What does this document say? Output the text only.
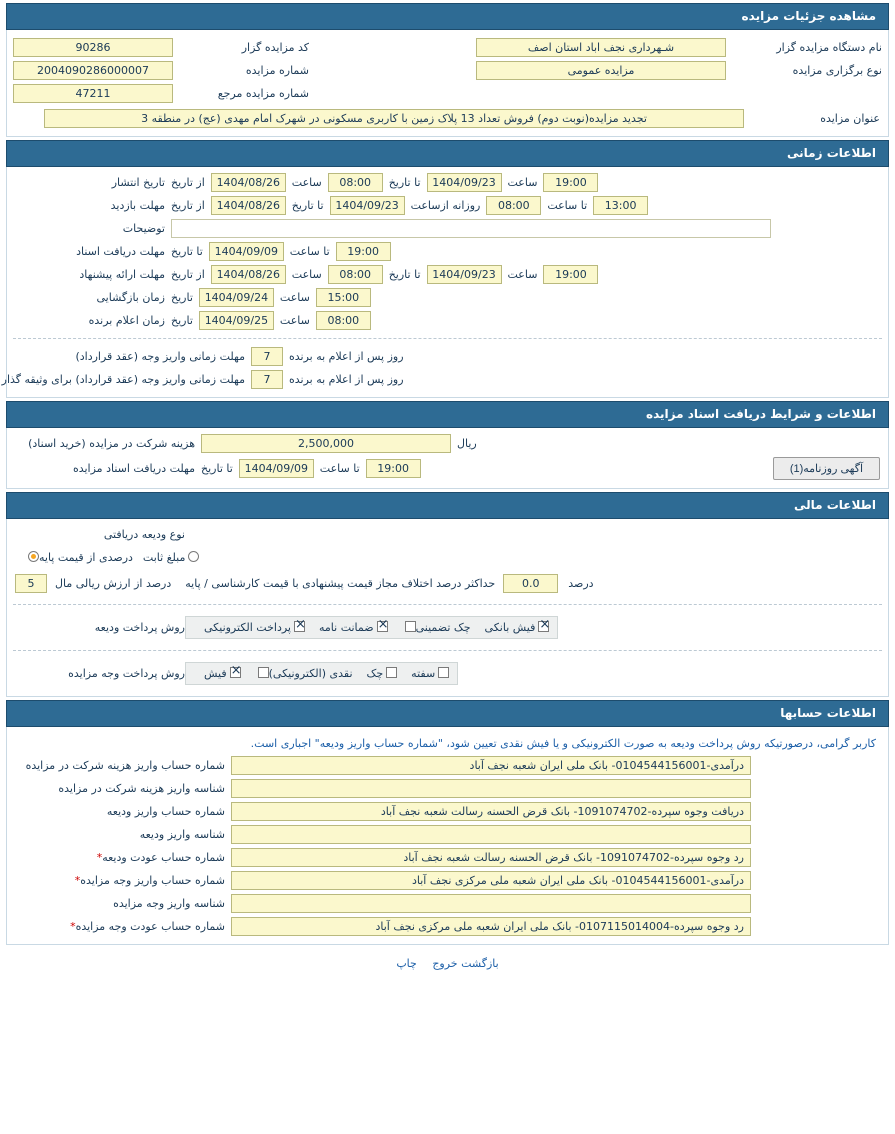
مشاهده جزئیات مزایده
نام دستگاه مزایده گزار
شـهرداری نجف اباد استان اصف
نوع برگزاری مزایده
مزایده عمومی
کد مزایده گزار
90286
شماره مزایده
2004090286000007
شماره مزایده مرجع
47211
عنوان مزایده
تجدید مزایده(نوبت دوم) فروش تعداد 13 پلاک زمین با کاربری مسکونی در شهرک امام مهدی (عج) در منطقه 3
اطلاعات زمانی
19:00
ساعت
1404/09/23
تا تاریخ
08:00
ساعت
1404/08/26
از تاریخ
تاریخ انتشار
13:00
تا ساعت
08:00
روزانه ازساعت
1404/09/23
تا تاریخ
1404/08/26
از تاریخ
مهلت بازدید
توضیحات
19:00
تا ساعت
1404/09/09
تا تاریخ
مهلت دریافت اسناد
19:00
ساعت
1404/09/23
تا تاریخ
08:00
ساعت
1404/08/26
از تاریخ
مهلت ارائه پیشنهاد
15:00
ساعت
1404/09/24
تاریخ
زمان بازگشایی
08:00
ساعت
1404/09/25
تاریخ
زمان اعلام برنده
روز پس از اعلام به برنده
7
مهلت زمانی واریز وجه (عقد قرارداد)
روز پس از اعلام به برنده
7
مهلت زمانی واریز وجه (عقد قرارداد) برای وثیقه گذار
اطلاعات و شرایط دریافت اسناد مزایده
ریال
2,500,000
هزینه شرکت در مزایده (خرید اسناد)
آگهی روزنامه(1)
19:00
تا ساعت
1404/09/09
تا تاریخ
مهلت دریافت اسناد مزایده
اطلاعات مالی
نوع ودیعه دریافتی
مبلغ ثابت
درصدی از قیمت پایه
درصد
0.0
حداکثر درصد اختلاف مجاز قیمت پیشنهادی با قیمت کارشناسی / پایه
درصد از ارزش ریالی مال
5
×فیش بانکی
چک تضمینی
×ضمانت نامه
×پرداخت الکترونیکی
روش پرداخت ودیعه
سفته
چک
نقدی (الکترونیکی)
×فیش
روش پرداخت وجه مزایده
اطلاعات حسابها
کاربر گرامی، درصورتیکه روش پرداخت ودیعه به صورت الکترونیکی و یا فیش نقدی تعیین شود، "شماره حساب واریز ودیعه" اجباری است.
درآمدی-0104544156001- بانک ملی ایران شعبه نجف آباد
شماره حساب واریز هزینه شرکت در مزایده
شناسه واریز هزینه شرکت در مزایده
دریافت وجوه سپرده-1091074702- بانک قرض الحسنه رسالت شعبه نجف آباد
شماره حساب واریز ودیعه
شناسه واریز ودیعه
رد وجوه سپرده-1091074702- بانک قرض الحسنه رسالت شعبه نجف آباد
شماره حساب عودت ودیعه*
درآمدی-0104544156001- بانک ملی ایران شعبه ملی مرکزی نجف آباد
شماره حساب واریز وجه مزایده*
شناسه واریز وجه مزایده
رد وجوه سپرده-0107115014004- بانک ملی ایران شعبه ملی مرکزی نجف آباد
شماره حساب عودت وجه مزایده*
بازگشت خروج چاپ
